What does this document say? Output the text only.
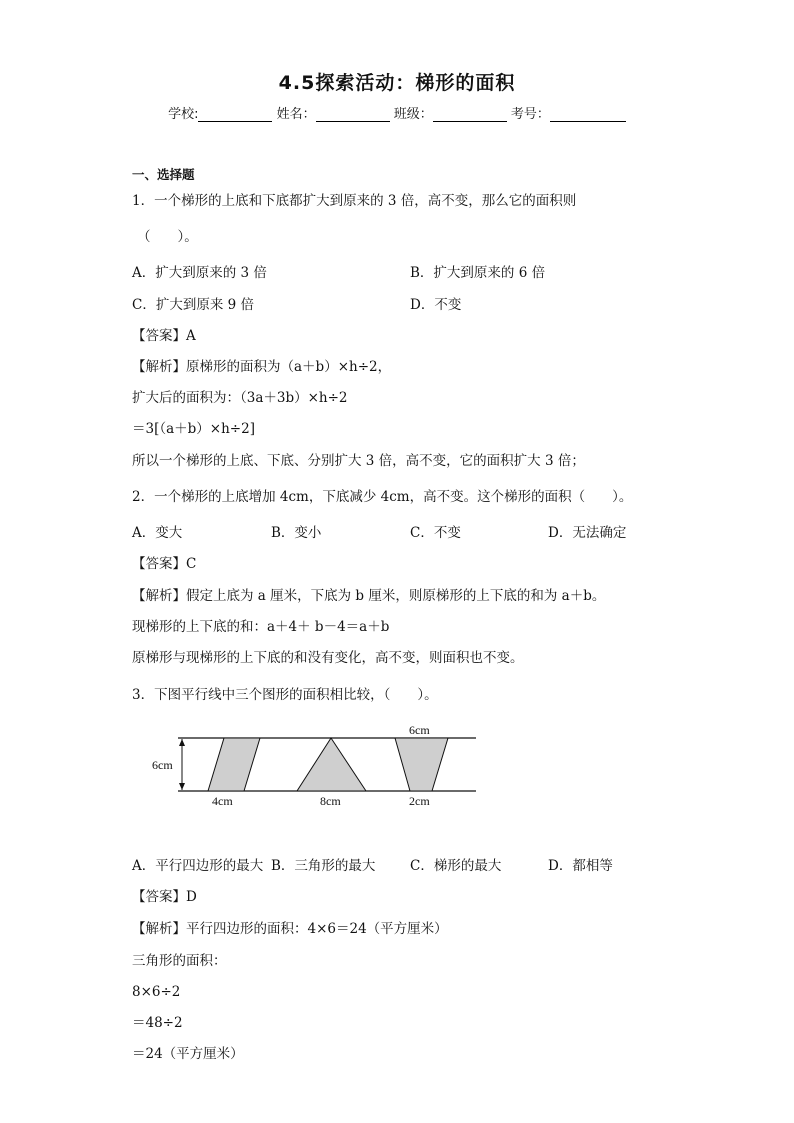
4.5探索活动：梯形的面积
学校:	姓名：	班级：	考号：
一、选择题
1．一个梯形的上底和下底都扩大到原来的 3 倍，高不变，那么它的面积则
（　　）。
A．扩大到原来的 3 倍	B．扩大到原来的 6 倍
C．扩大到原来 9 倍	D．不变
【答案】A
【解析】原梯形的面积为（a＋b）×h÷2，
扩大后的面积为：（3a＋3b）×h÷2
＝3[（a＋b）×h÷2]
所以一个梯形的上底、下底、分别扩大 3 倍，高不变，它的面积扩大 3 倍；
2．一个梯形的上底增加 4cm，下底减少 4cm，高不变。这个梯形的面积（　　）。
A．变大	B．变小	C．不变	D．无法确定
【答案】C
【解析】假定上底为 a 厘米，下底为 b 厘米，则原梯形的上下底的和为 a＋b。
现梯形的上下底的和：a＋4＋ b－4＝a＋b
原梯形与现梯形的上下底的和没有变化，高不变，则面积也不变。
3．下图平行线中三个图形的面积相比较，（　　）。
6cm
4cm	8cm
6cm
2cm
A．平行四边形的最大 B．三角形的最大	C．梯形的最大	D．都相等
【答案】D
【解析】平行四边形的面积：4×6＝24（平方厘米）
三角形的面积：
8×6÷2
＝48÷2
＝24（平方厘米）
